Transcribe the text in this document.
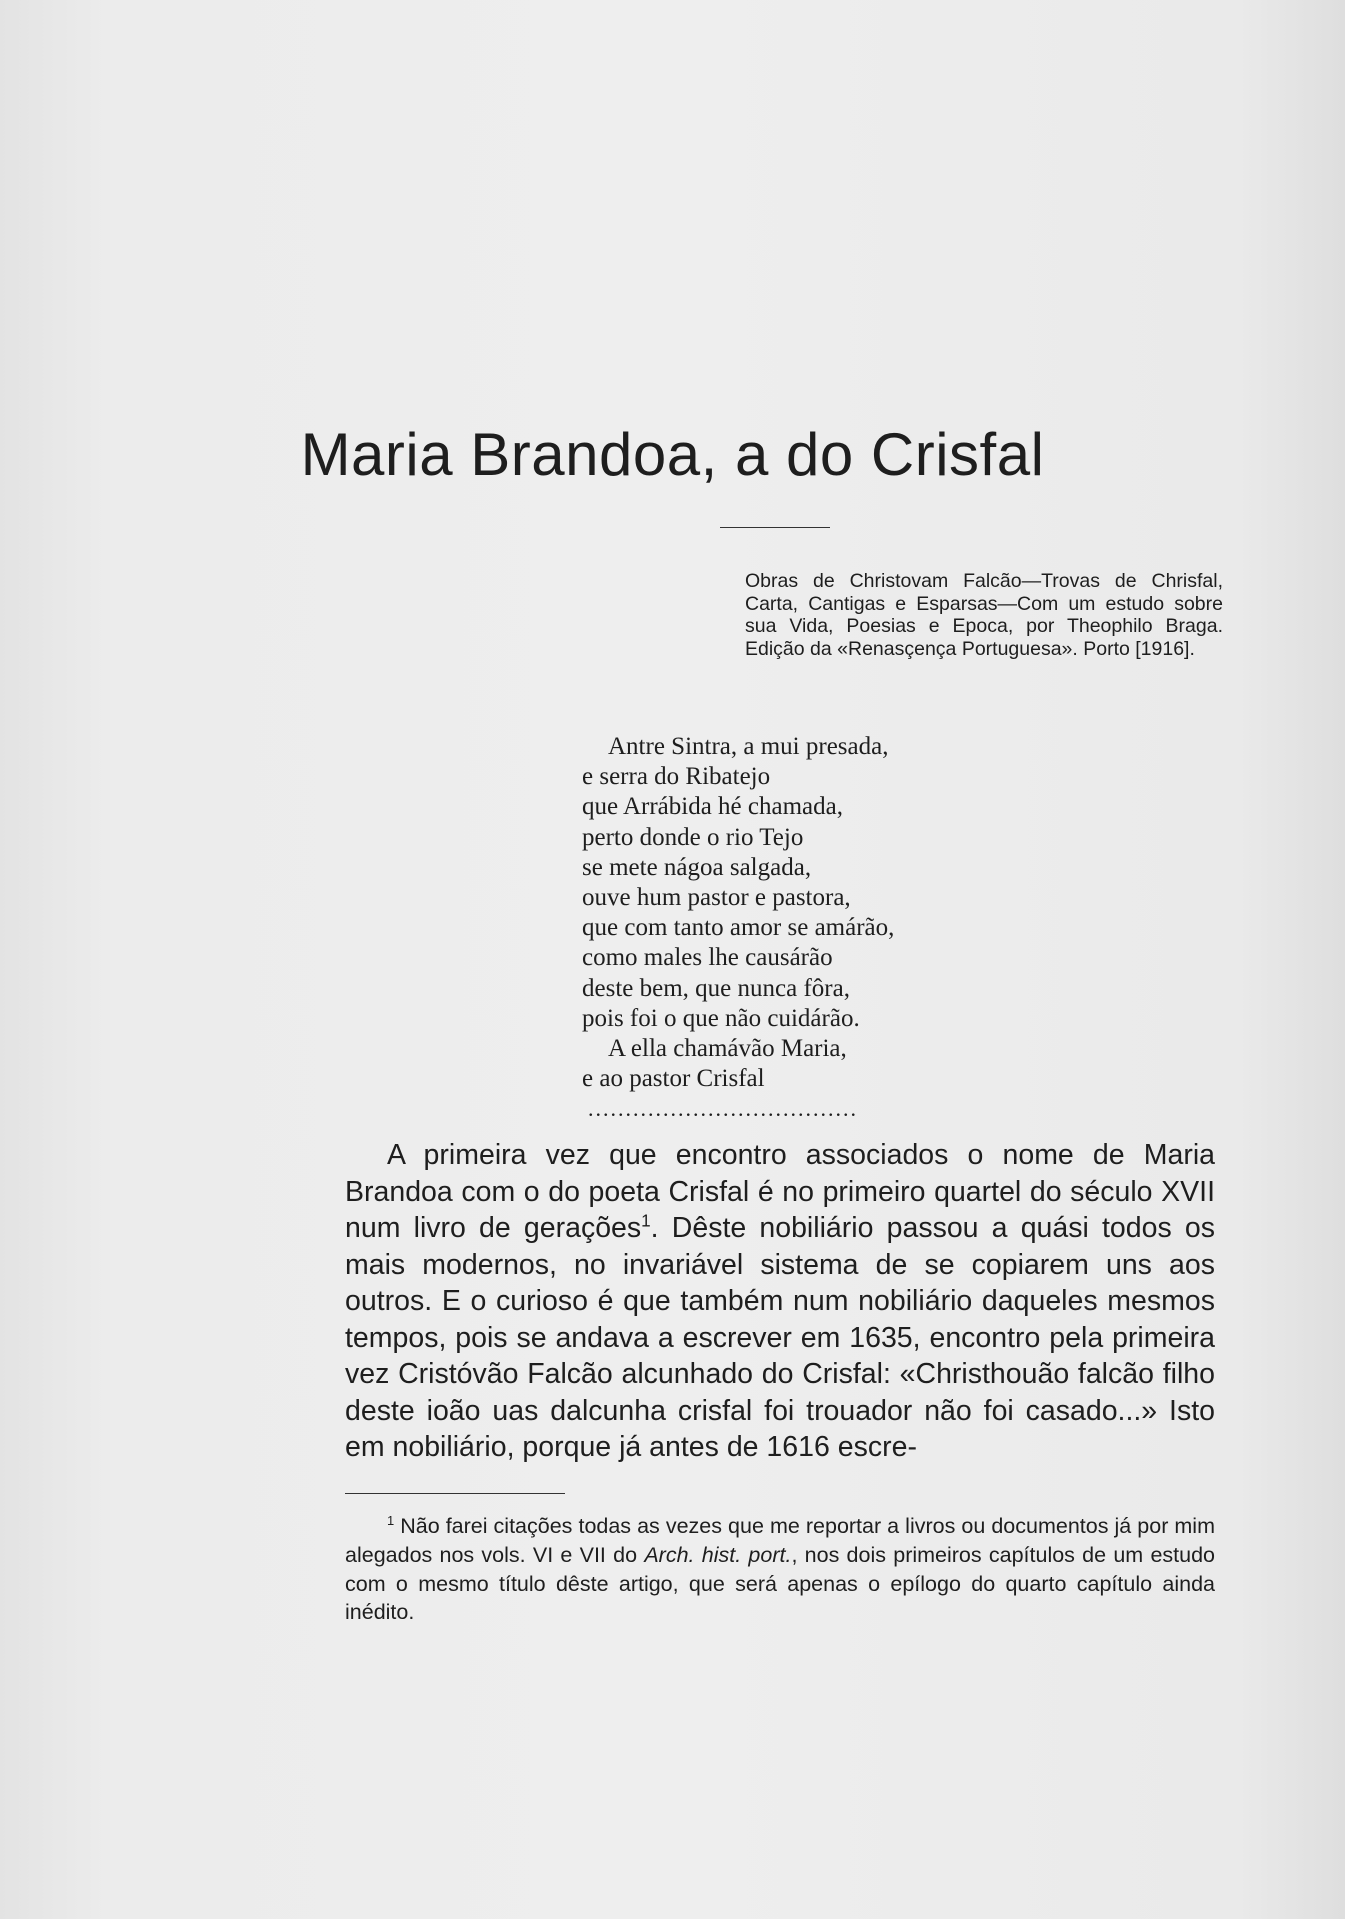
Maria Brandoa, a do Crisfal

Obras de Christovam Falcão—Trovas de Chrisfal, Carta, Cantigas e Esparsas—Com um estudo sobre sua Vida, Poesias e Epoca, por Theophilo Braga. Edição da «Renasçença Portuguesa». Porto [1916].

Antre Sintra, a mui presada,
e serra do Ribatejo
que Arrábida hé chamada,
perto donde o rio Tejo
se mete nágoa salgada,
ouve hum pastor e pastora,
que com tanto amor se amárão,
como males lhe causárão
deste bem, que nunca fôra,
pois foi o que não cuidárão.
A ella chamávão Maria,
e ao pastor Crisfal
....................................

A primeira vez que encontro associados o nome de Maria Brandoa com o do poeta Crisfal é no primeiro quartel do século XVII num livro de gerações$^1$. Dêste nobiliário passou a quási todos os mais modernos, no invariável sistema de se copiarem uns aos outros. E o curioso é que também num nobiliário daqueles mesmos tempos, pois se andava a escrever em 1635, encontro pela primeira vez Cristóvão Falcão alcunhado do Crisfal: «Christhouão falcão filho deste ioão uas dalcunha crisfal foi trouador não foi casado...» Isto em nobiliário, porque já antes de 1616 escre-

$^1$ Não farei citações todas as vezes que me reportar a livros ou documentos já por mim alegados nos vols. VI e VII do Arch. hist. port., nos dois primeiros capítulos de um estudo com o mesmo título dêste artigo, que será apenas o epílogo do quarto capítulo ainda inédito.
